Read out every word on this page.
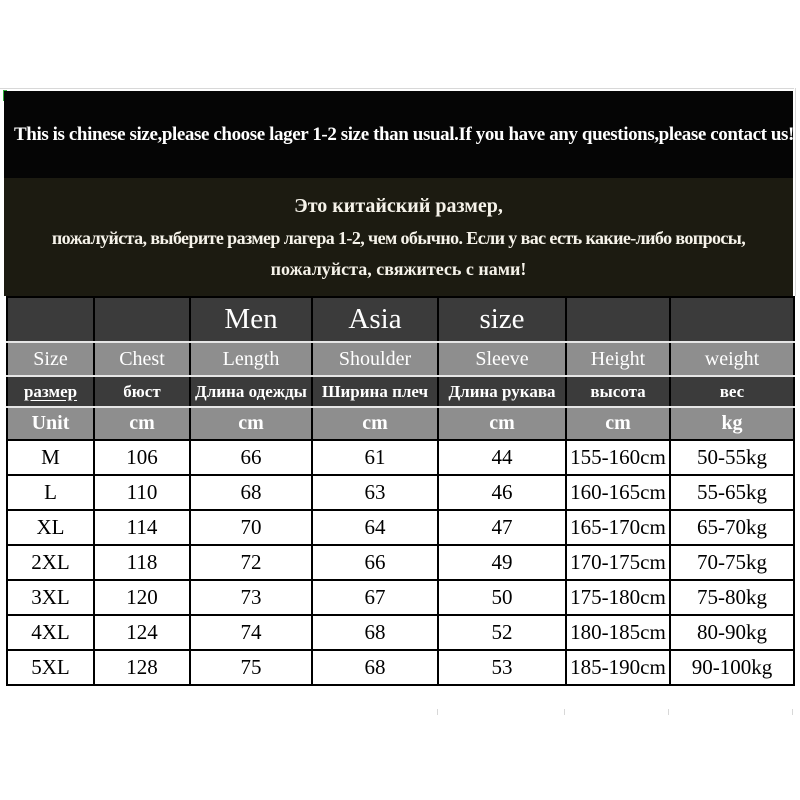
This is chinese size,please choose lager 1-2 size than usual.If you have any questions,please contact us!
Это китайский размер,
пожалуйста, выберите размер лагера 1-2, чем обычно. Если у вас есть какие-либо вопросы,
пожалуйста, свяжитесь с нами!
		Men	Asia	size		
Size	Chest	Length	Shoulder	Sleeve	Height	weight
размер	бюст	Длина одежды	Ширина плеч	Длина рукава	высота	вес
Unit	cm	cm	cm	cm	cm	kg
M	106	66	61	44	155-160cm	50-55kg
L	110	68	63	46	160-165cm	55-65kg
XL	114	70	64	47	165-170cm	65-70kg
2XL	118	72	66	49	170-175cm	70-75kg
3XL	120	73	67	50	175-180cm	75-80kg
4XL	124	74	68	52	180-185cm	80-90kg
5XL	128	75	68	53	185-190cm	90-100kg
